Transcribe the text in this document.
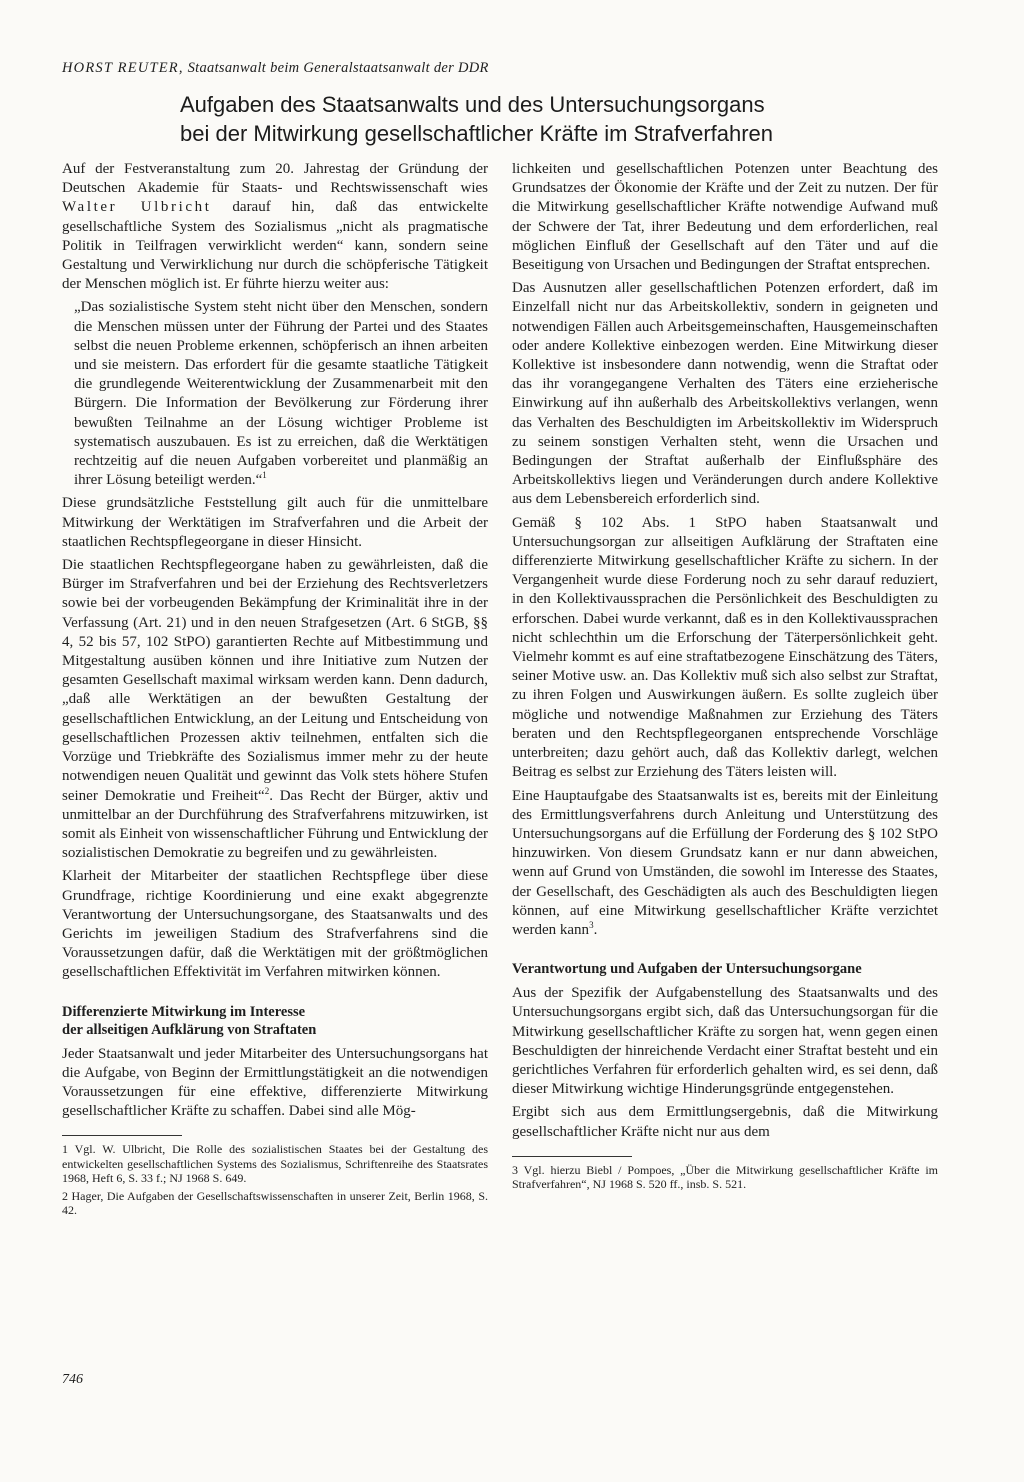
HORST REUTER, Staatsanwalt beim Generalstaatsanwalt der DDR
Aufgaben des Staatsanwalts und des Untersuchungsorgans
bei der Mitwirkung gesellschaftlicher Kräfte im Strafverfahren

Auf der Festveranstaltung zum 20. Jahrestag der Gründung der Deutschen Akademie für Staats- und Rechtswissenschaft wies Walter Ulbricht darauf hin, daß das entwickelte gesellschaftliche System des Sozialismus „nicht als pragmatische Politik in Teilfragen verwirklicht werden“ kann, sondern seine Gestaltung und Verwirklichung nur durch die schöpferische Tätigkeit der Menschen möglich ist. Er führte hierzu weiter aus:

„Das sozialistische System steht nicht über den Menschen, sondern die Menschen müssen unter der Führung der Partei und des Staates selbst die neuen Probleme erkennen, schöpferisch an ihnen arbeiten und sie meistern. Das erfordert für die gesamte staatliche Tätigkeit die grundlegende Weiterentwicklung der Zusammenarbeit mit den Bürgern. Die Information der Bevölkerung zur Förderung ihrer bewußten Teilnahme an der Lösung wichtiger Probleme ist systematisch auszubauen. Es ist zu erreichen, daß die Werktätigen rechtzeitig auf die neuen Aufgaben vorbereitet und planmäßig an ihrer Lösung beteiligt werden.“$^1$

Diese grundsätzliche Feststellung gilt auch für die unmittelbare Mitwirkung der Werktätigen im Strafverfahren und die Arbeit der staatlichen Rechtspflegeorgane in dieser Hinsicht.

Die staatlichen Rechtspflegeorgane haben zu gewährleisten, daß die Bürger im Strafverfahren und bei der Erziehung des Rechtsverletzers sowie bei der vorbeugenden Bekämpfung der Kriminalität ihre in der Verfassung (Art. 21) und in den neuen Strafgesetzen (Art. 6 StGB, §§ 4, 52 bis 57, 102 StPO) garantierten Rechte auf Mitbestimmung und Mitgestaltung ausüben können und ihre Initiative zum Nutzen der gesamten Gesellschaft maximal wirksam werden kann. Denn dadurch, „daß alle Werktätigen an der bewußten Gestaltung der gesellschaftlichen Entwicklung, an der Leitung und Entscheidung von gesellschaftlichen Prozessen aktiv teilnehmen, entfalten sich die Vorzüge und Triebkräfte des Sozialismus immer mehr zu der heute notwendigen neuen Qualität und gewinnt das Volk stets höhere Stufen seiner Demokratie und Freiheit“$^2$. Das Recht der Bürger, aktiv und unmittelbar an der Durchführung des Strafverfahrens mitzuwirken, ist somit als Einheit von wissenschaftlicher Führung und Entwicklung der sozialistischen Demokratie zu begreifen und zu gewährleisten.

Klarheit der Mitarbeiter der staatlichen Rechtspflege über diese Grundfrage, richtige Koordinierung und eine exakt abgegrenzte Verantwortung der Untersuchungsorgane, des Staatsanwalts und des Gerichts im jeweiligen Stadium des Strafverfahrens sind die Voraussetzungen dafür, daß die Werktätigen mit der größtmöglichen gesellschaftlichen Effektivität im Verfahren mitwirken können.

Differenzierte Mitwirkung im Interesse
der allseitigen Aufklärung von Straftaten

Jeder Staatsanwalt und jeder Mitarbeiter des Untersuchungsorgans hat die Aufgabe, von Beginn der Ermittlungstätigkeit an die notwendigen Voraussetzungen für eine effektive, differenzierte Mitwirkung gesellschaftlicher Kräfte zu schaffen. Dabei sind alle Mög-

1 Vgl. W. Ulbricht, Die Rolle des sozialistischen Staates bei der Gestaltung des entwickelten gesellschaftlichen Systems des Sozialismus, Schriftenreihe des Staatsrates 1968, Heft 6, S. 33 f.; NJ 1968 S. 649.

2 Hager, Die Aufgaben der Gesellschaftswissenschaften in unserer Zeit, Berlin 1968, S. 42.

lichkeiten und gesellschaftlichen Potenzen unter Beachtung des Grundsatzes der Ökonomie der Kräfte und der Zeit zu nutzen. Der für die Mitwirkung gesellschaftlicher Kräfte notwendige Aufwand muß der Schwere der Tat, ihrer Bedeutung und dem erforderlichen, real möglichen Einfluß der Gesellschaft auf den Täter und auf die Beseitigung von Ursachen und Bedingungen der Straftat entsprechen.

Das Ausnutzen aller gesellschaftlichen Potenzen erfordert, daß im Einzelfall nicht nur das Arbeitskollektiv, sondern in geigneten und notwendigen Fällen auch Arbeitsgemeinschaften, Hausgemeinschaften oder andere Kollektive einbezogen werden. Eine Mitwirkung dieser Kollektive ist insbesondere dann notwendig, wenn die Straftat oder das ihr vorangegangene Verhalten des Täters eine erzieherische Einwirkung auf ihn außerhalb des Arbeitskollektivs verlangen, wenn das Verhalten des Beschuldigten im Arbeitskollektiv im Widerspruch zu seinem sonstigen Verhalten steht, wenn die Ursachen und Bedingungen der Straftat außerhalb der Einflußsphäre des Arbeitskollektivs liegen und Veränderungen durch andere Kollektive aus dem Lebensbereich erforderlich sind.

Gemäß § 102 Abs. 1 StPO haben Staatsanwalt und Untersuchungsorgan zur allseitigen Aufklärung der Straftaten eine differenzierte Mitwirkung gesellschaftlicher Kräfte zu sichern. In der Vergangenheit wurde diese Forderung noch zu sehr darauf reduziert, in den Kollektivaussprachen die Persönlichkeit des Beschuldigten zu erforschen. Dabei wurde verkannt, daß es in den Kollektivaussprachen nicht schlechthin um die Erforschung der Täterpersönlichkeit geht. Vielmehr kommt es auf eine straftatbezogene Einschätzung des Täters, seiner Motive usw. an. Das Kollektiv muß sich also selbst zur Straftat, zu ihren Folgen und Auswirkungen äußern. Es sollte zugleich über mögliche und notwendige Maßnahmen zur Erziehung des Täters beraten und den Rechtspflegeorganen entsprechende Vorschläge unterbreiten; dazu gehört auch, daß das Kollektiv darlegt, welchen Beitrag es selbst zur Erziehung des Täters leisten will.

Eine Hauptaufgabe des Staatsanwalts ist es, bereits mit der Einleitung des Ermittlungsverfahrens durch Anleitung und Unterstützung des Untersuchungsorgans auf die Erfüllung der Forderung des § 102 StPO hinzuwirken. Von diesem Grundsatz kann er nur dann abweichen, wenn auf Grund von Umständen, die sowohl im Interesse des Staates, der Gesellschaft, des Geschädigten als auch des Beschuldigten liegen können, auf eine Mitwirkung gesellschaftlicher Kräfte verzichtet werden kann$^3$.

Verantwortung und Aufgaben der Untersuchungsorgane

Aus der Spezifik der Aufgabenstellung des Staatsanwalts und des Untersuchungsorgans ergibt sich, daß das Untersuchungsorgan für die Mitwirkung gesellschaftlicher Kräfte zu sorgen hat, wenn gegen einen Beschuldigten der hinreichende Verdacht einer Straftat besteht und ein gerichtliches Verfahren für erforderlich gehalten wird, es sei denn, daß dieser Mitwirkung wichtige Hinderungsgründe entgegenstehen.

Ergibt sich aus dem Ermittlungsergebnis, daß die Mitwirkung gesellschaftlicher Kräfte nicht nur aus dem

3 Vgl. hierzu Biebl / Pompoes, „Über die Mitwirkung gesellschaftlicher Kräfte im Strafverfahren“, NJ 1968 S. 520 ff., insb. S. 521.

746
